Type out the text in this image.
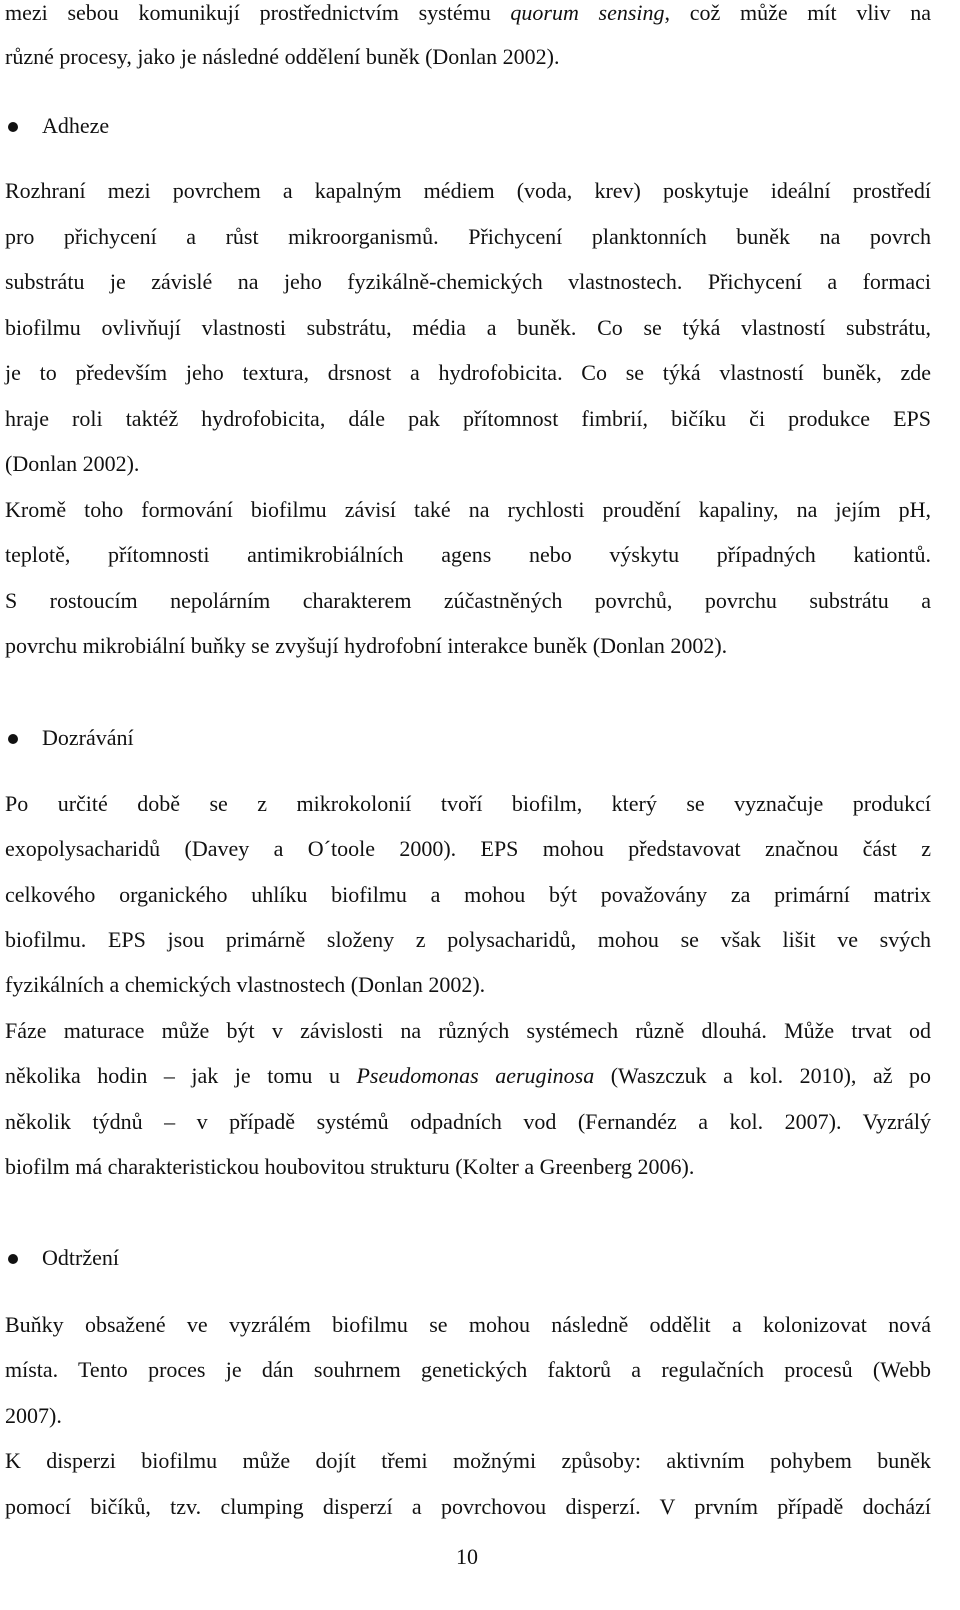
mezi sebou komunikují prostřednictvím systému quorum sensing, což může mít vliv na
různé procesy, jako je následné oddělení buněk (Donlan 2002).
Adheze
Rozhraní mezi povrchem a kapalným médiem (voda, krev) poskytuje ideální prostředí
pro přichycení a růst mikroorganismů. Přichycení planktonních buněk na povrch
substrátu je závislé na jeho fyzikálně-chemických vlastnostech. Přichycení a formaci
biofilmu ovlivňují vlastnosti substrátu, média a buněk. Co se týká vlastností substrátu,
je to především jeho textura, drsnost a hydrofobicita. Co se týká vlastností buněk, zde
hraje roli taktéž hydrofobicita, dále pak přítomnost fimbrií, bičíku či produkce EPS
(Donlan 2002).
Kromě toho formování biofilmu závisí také na rychlosti proudění kapaliny, na jejím pH,
teplotě, přítomnosti antimikrobiálních agens nebo výskytu případných kationtů.
S rostoucím nepolárním charakterem zúčastněných povrchů, povrchu substrátu a
povrchu mikrobiální buňky se zvyšují hydrofobní interakce buněk (Donlan 2002).
Dozrávání
Po určité době se z mikrokolonií tvoří biofilm, který se vyznačuje produkcí
exopolysacharidů (Davey a O´toole 2000). EPS mohou představovat značnou část z
celkového organického uhlíku biofilmu a mohou být považovány za primární matrix
biofilmu. EPS jsou primárně složeny z polysacharidů, mohou se však lišit ve svých
fyzikálních a chemických vlastnostech (Donlan 2002).
Fáze maturace může být v závislosti na různých systémech různě dlouhá. Může trvat od
několika hodin – jak je tomu u Pseudomonas aeruginosa (Waszczuk a kol. 2010), až po
několik týdnů – v případě systémů odpadních vod (Fernandéz a kol. 2007). Vyzrálý
biofilm má charakteristickou houbovitou strukturu (Kolter a Greenberg 2006).
Odtržení
Buňky obsažené ve vyzrálém biofilmu se mohou následně oddělit a kolonizovat nová
místa. Tento proces je dán souhrnem genetických faktorů a regulačních procesů (Webb
2007).
K disperzi biofilmu může dojít třemi možnými způsoby: aktivním pohybem buněk
pomocí bičíků, tzv. clumping disperzí a povrchovou disperzí. V prvním případě dochází
10
